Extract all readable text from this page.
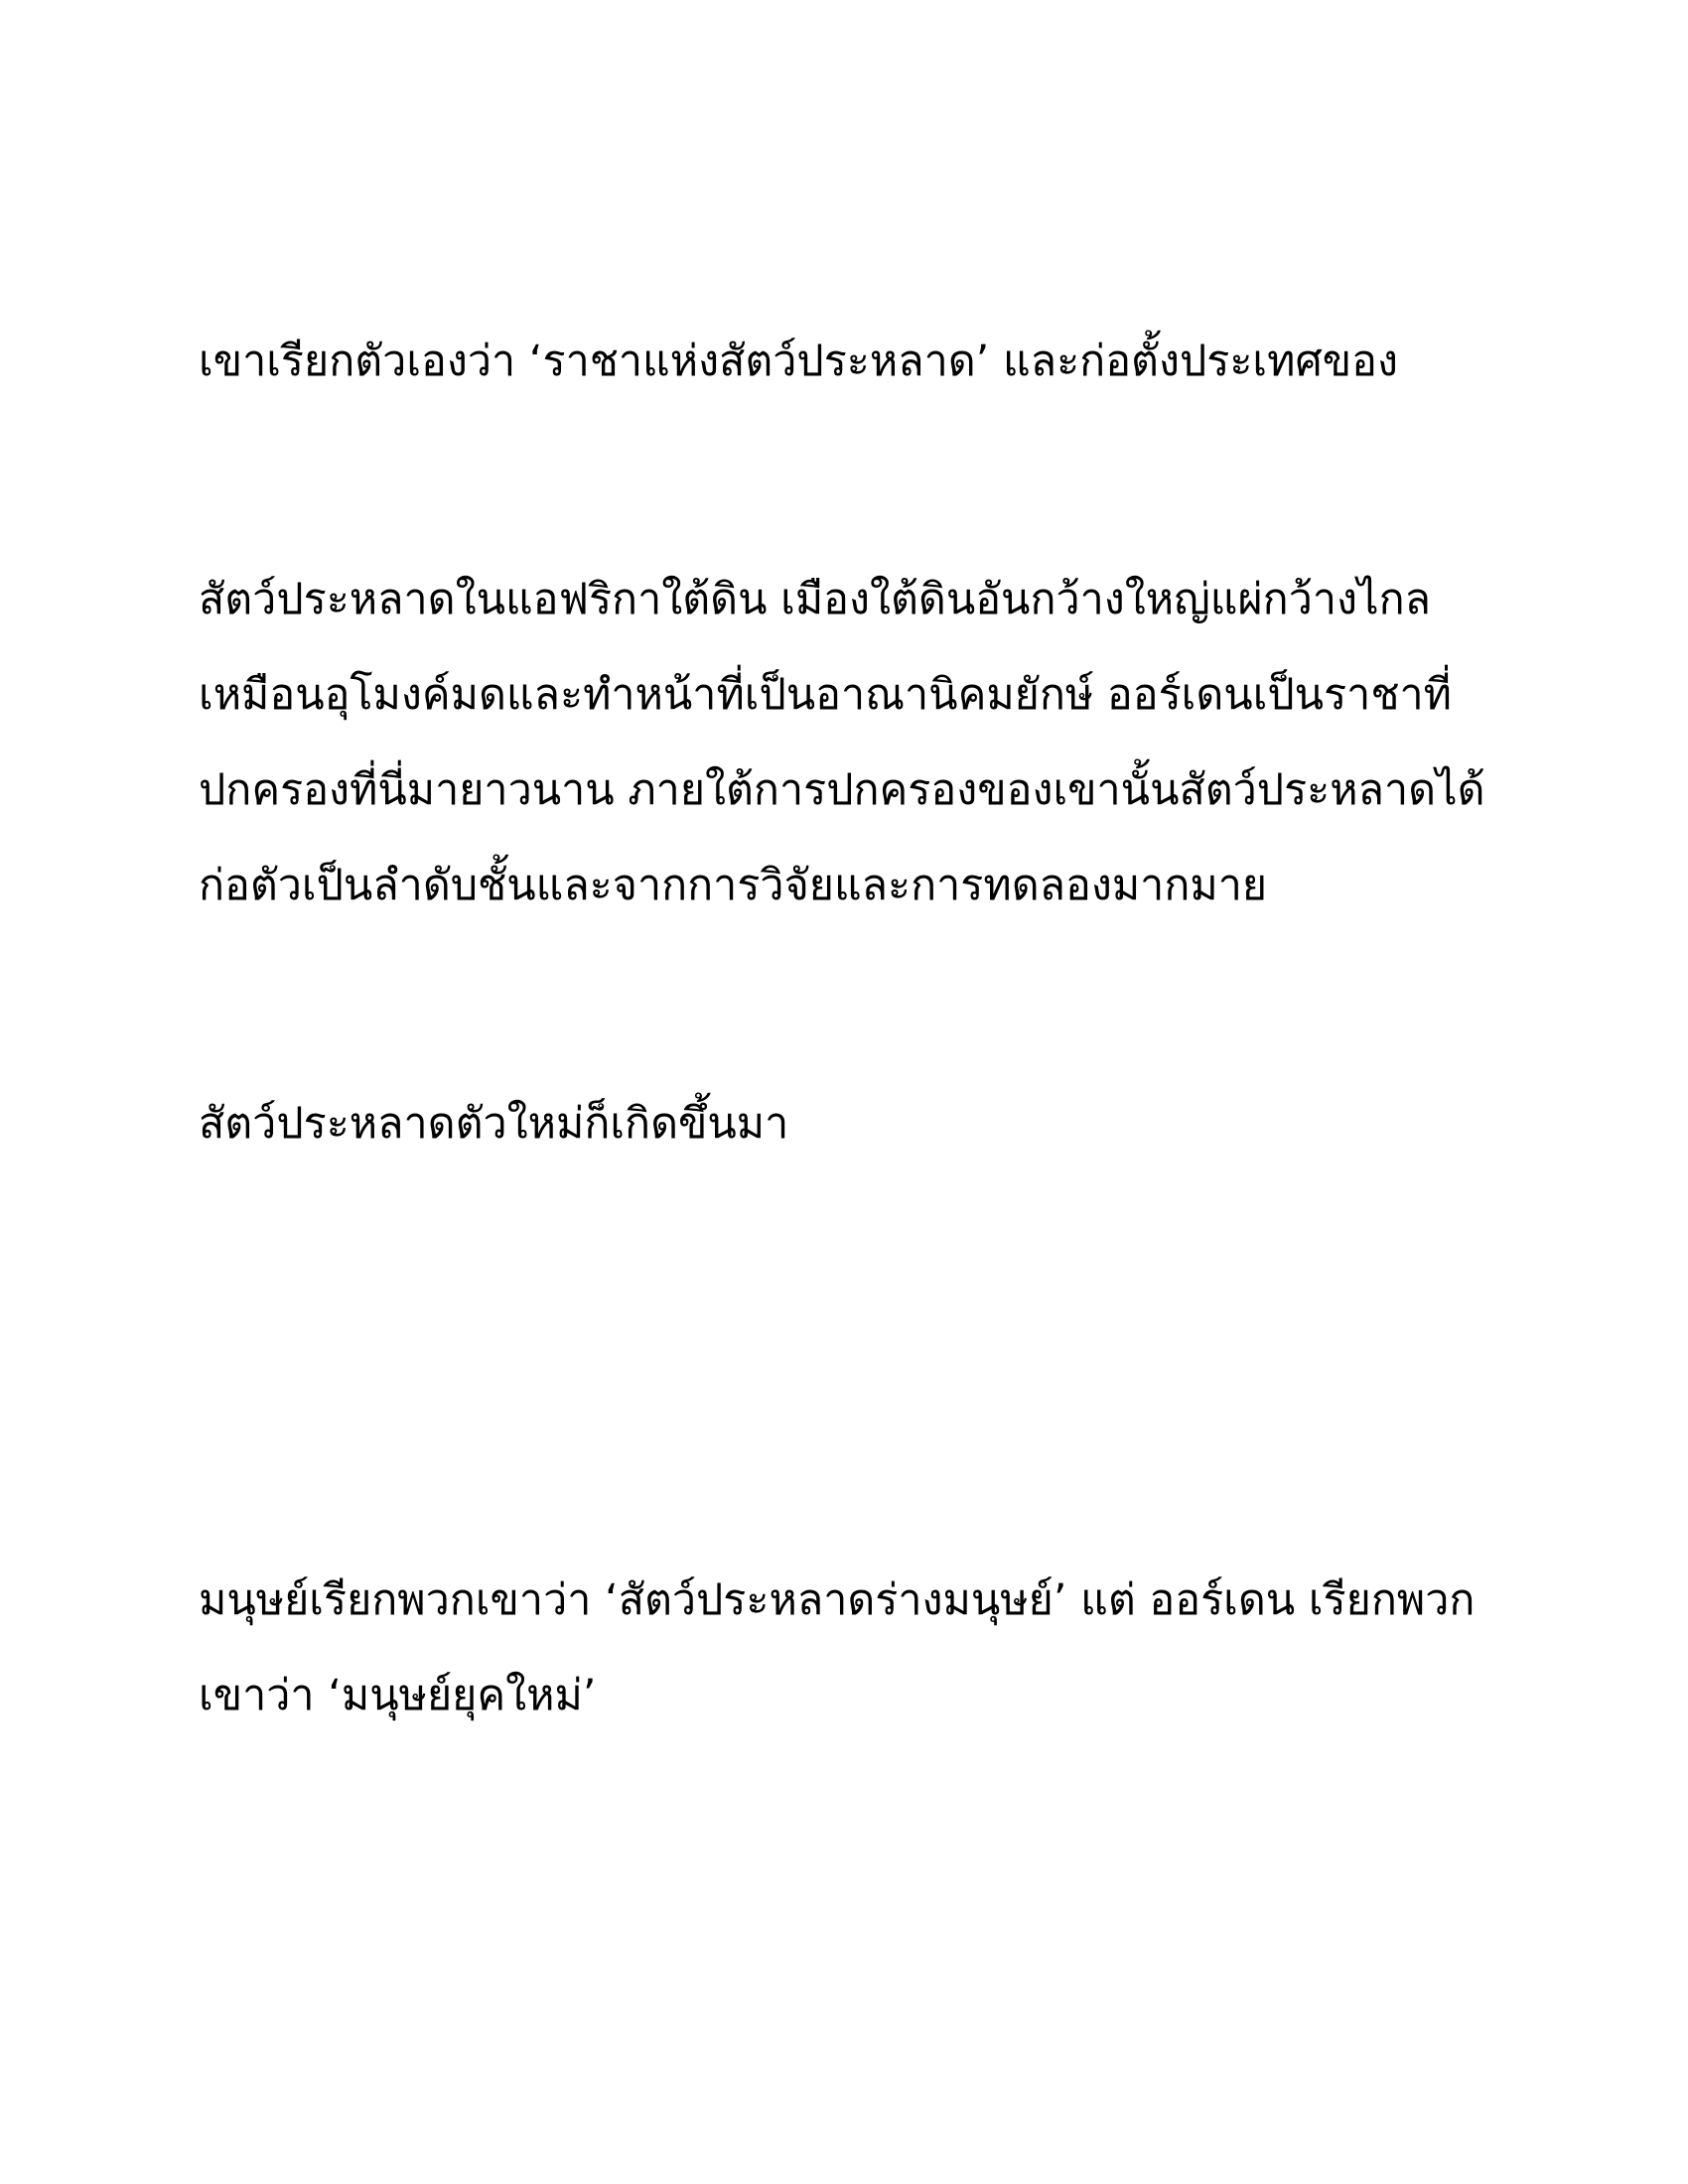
เขาเรียกตัวเองว่า ‘ราชาแห่งสัตว์ประหลาด’ และก่อตั้งประเทศของ
สัตว์ประหลาดในแอฟริกาใต้ดิน เมืองใต้ดินอันกว้างใหญ่แผ่กว้างไกล
เหมือนอุโมงค์มดและทำหน้าที่เป็นอาณานิคมยักษ์ ออร์เดนเป็นราชาที่
ปกครองที่นี่มายาวนาน ภายใต้การปกครองของเขานั้นสัตว์ประหลาดได้
ก่อตัวเป็นลำดับชั้นและจากการวิจัยและการทดลองมากมาย
สัตว์ประหลาดตัวใหม่ก็เกิดขึ้นมา
มนุษย์เรียกพวกเขาว่า ‘สัตว์ประหลาดร่างมนุษย์’ แต่ ออร์เดน เรียกพวก
เขาว่า ‘มนุษย์ยุคใหม่’
